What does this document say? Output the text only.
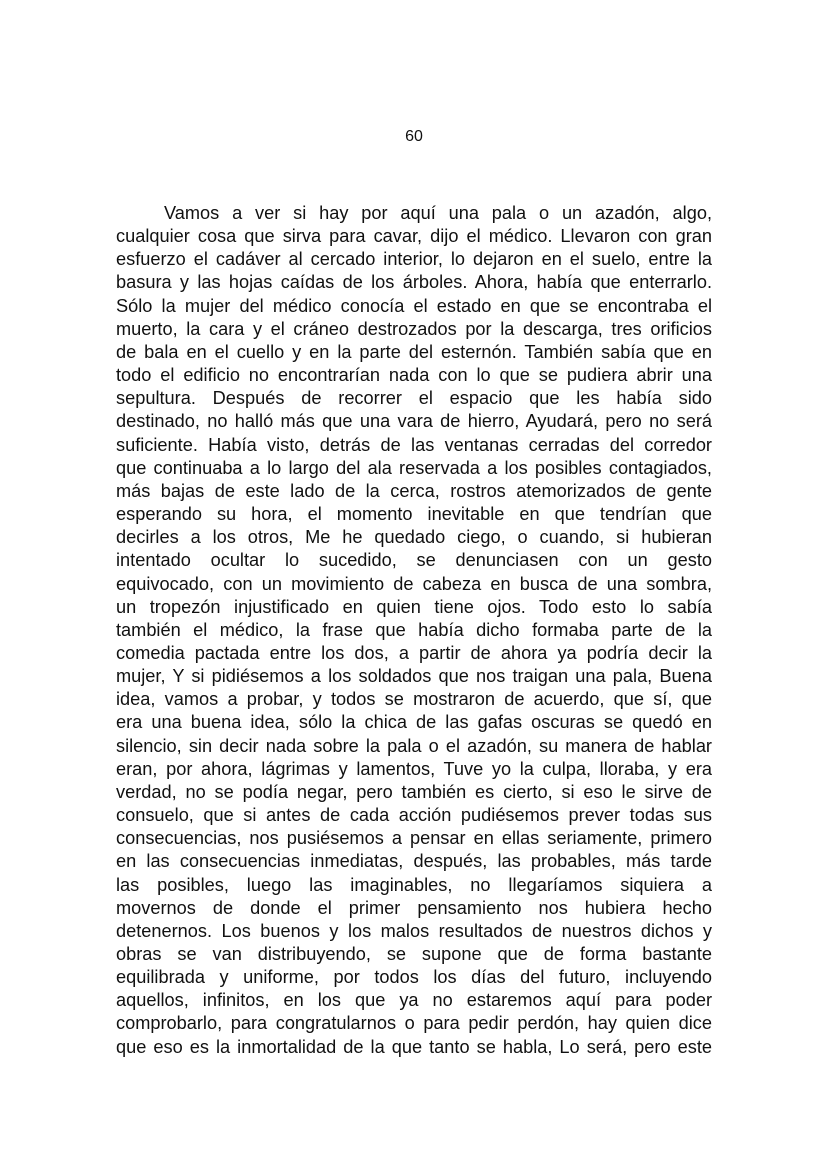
60

Vamos a ver si hay por aquí una pala o un azadón, algo,
cualquier cosa que sirva para cavar, dijo el médico. Llevaron con gran
esfuerzo el cadáver al cercado interior, lo dejaron en el suelo, entre la
basura y las hojas caídas de los árboles. Ahora, había que enterrarlo.
Sólo la mujer del médico conocía el estado en que se encontraba el
muerto, la cara y el cráneo destrozados por la descarga, tres orificios
de bala en el cuello y en la parte del esternón. También sabía que en
todo el edificio no encontrarían nada con lo que se pudiera abrir una
sepultura. Después de recorrer el espacio que les había sido
destinado, no halló más que una vara de hierro, Ayudará, pero no será
suficiente. Había visto, detrás de las ventanas cerradas del corredor
que continuaba a lo largo del ala reservada a los posibles contagiados,
más bajas de este lado de la cerca, rostros atemorizados de gente
esperando su hora, el momento inevitable en que tendrían que
decirles a los otros, Me he quedado ciego, o cuando, si hubieran
intentado ocultar lo sucedido, se denunciasen con un gesto
equivocado, con un movimiento de cabeza en busca de una sombra,
un tropezón injustificado en quien tiene ojos. Todo esto lo sabía
también el médico, la frase que había dicho formaba parte de la
comedia pactada entre los dos, a partir de ahora ya podría decir la
mujer, Y si pidiésemos a los soldados que nos traigan una pala, Buena
idea, vamos a probar, y todos se mostraron de acuerdo, que sí, que
era una buena idea, sólo la chica de las gafas oscuras se quedó en
silencio, sin decir nada sobre la pala o el azadón, su manera de hablar
eran, por ahora, lágrimas y lamentos, Tuve yo la culpa, lloraba, y era
verdad, no se podía negar, pero también es cierto, si eso le sirve de
consuelo, que si antes de cada acción pudiésemos prever todas sus
consecuencias, nos pusiésemos a pensar en ellas seriamente, primero
en las consecuencias inmediatas, después, las probables, más tarde
las posibles, luego las imaginables, no llegaríamos siquiera a
movernos de donde el primer pensamiento nos hubiera hecho
detenernos. Los buenos y los malos resultados de nuestros dichos y
obras se van distribuyendo, se supone que de forma bastante
equilibrada y uniforme, por todos los días del futuro, incluyendo
aquellos, infinitos, en los que ya no estaremos aquí para poder
comprobarlo, para congratularnos o para pedir perdón, hay quien dice
que eso es la inmortalidad de la que tanto se habla, Lo será, pero este
